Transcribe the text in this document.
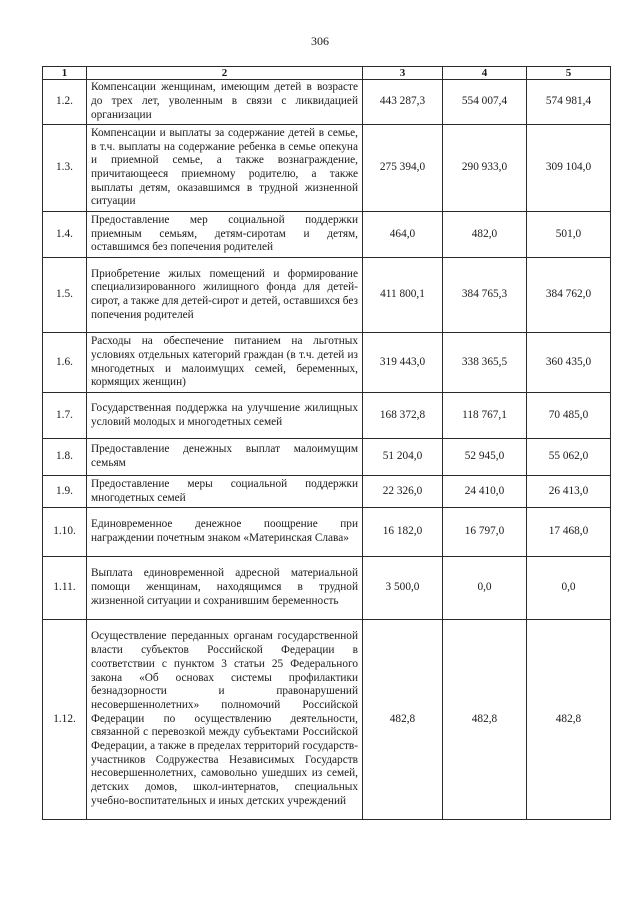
306
1	2	3	4	5
1.2.	Компенсации женщинам, имеющим детей в возрасте до трех лет, уволенным в связи с ликвидацией организации	443 287,3	554 007,4	574 981,4
1.3.	Компенсации и выплаты за содержание детей в семье, в т.ч. выплаты на содержание ребенка в семье опекуна и приемной семье, а также вознаграждение, причитающееся приемному родителю, а также выплаты детям, оказавшимся в трудной жизненной ситуации	275 394,0	290 933,0	309 104,0
1.4.	Предоставление мер социальной поддержки приемным семьям, детям-сиротам и детям, оставшимся без попечения родителей	464,0	482,0	501,0
1.5.	Приобретение жилых помещений и формирование специализированного жилищного фонда для детей-сирот, а также для детей-сирот и детей, оставшихся без попечения родителей	411 800,1	384 765,3	384 762,0
1.6.	Расходы на обеспечение питанием на льготных условиях отдельных категорий граждан (в т.ч. детей из многодетных и малоимущих семей, беременных, кормящих женщин)	319 443,0	338 365,5	360 435,0
1.7.	Государственная поддержка на улучшение жилищных условий молодых и многодетных семей	168 372,8	118 767,1	70 485,0
1.8.	Предоставление денежных выплат малоимущим семьям	51 204,0	52 945,0	55 062,0
1.9.	Предоставление меры социальной поддержки многодетных семей	22 326,0	24 410,0	26 413,0
1.10.	Единовременное денежное поощрение при награждении почетным знаком «Материнская Слава»	16 182,0	16 797,0	17 468,0
1.11.	Выплата единовременной адресной материальной помощи женщинам, находящимся в трудной жизненной ситуации и сохранившим беременность	3 500,0	0,0	0,0
1.12.	Осуществление переданных органам государственной власти субъектов Российской Федерации в соответствии с пунктом 3 статьи 25 Федерального закона «Об основах системы профилактики безнадзорности и правонарушений несовершеннолетних» полномочий Российской Федерации по осуществлению деятельности, связанной с перевозкой между субъектами Российской Федерации, а также в пределах территорий государств-участников Содружества Независимых Государств несовершеннолетних, самовольно ушедших из семей, детских домов, школ-интернатов, специальных учебно-воспитательных и иных детских учреждений	482,8	482,8	482,8
